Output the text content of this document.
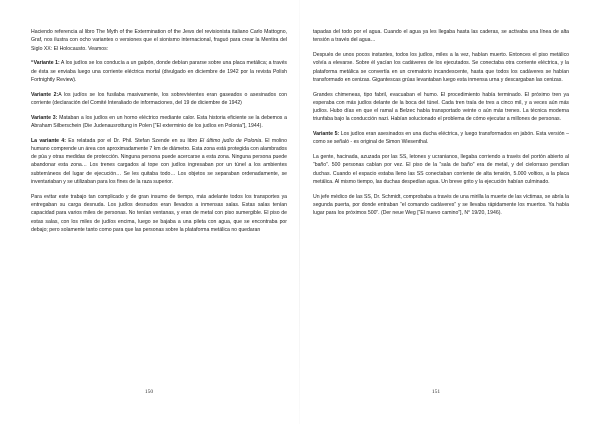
Haciendo referencia al libro The Myth of the Extermination of the Jews del revisionista italiano Carlo Mattogno, Graf, nos ilustra con ocho variantes o versiones que el sionismo internacional, fraguó para crear la Mentira del Siglo XX: El Holocausto. Veamos:

“Variante 1: A los judíos se los conducía a un galpón, donde debían pararse sobre una placa metálica; a través de ésta se enviaba luego una corriente eléctrica mortal (divulgado en diciembre de 1942 por la revista Polish Fortnightly Review).

Variante 2:A los judíos se los fusilaba masivamente, los sobrevivientes eran gaseados o asesinados con corriente (declaración del Comité Interaliado de informaciones, del 19 de diciembre de 1942)

Variante 3: Mataban a los judíos en un horno eléctrico mediante calor. Esta historia eficiente se la debemos a Abraham Silberschein (Die Judenausrottung in Polen [“El exterminio de los judíos en Polonia”], 1944).

La variante 4: Es relatada por el Dr. Phil. Stefan Szende en su libro El último judío de Polonia. El molino humano comprende un área con aproximadamente 7 km de diámetro. Esta zona está protegida con alambrados de púa y otras medidas de protección. Ninguna persona puede acercarse a esta zona. Ninguna persona puede abandonar esta zona… Los trenes cargados al tope con judíos ingresaban por un túnel a los ambientes subterráneos del lugar de ejecución… Se les quitaba todo… Los objetos se separaban ordenadamente, se inventariaban y se utilizaban para los fines de la raza superior.

Para evitar este trabajo tan complicado y de gran insumo de tiempo, más adelante todos los transportes ya entregaban su carga desnuda. Los judíos desnudos eran llevados a inmensas salas. Estas salas tenían capacidad para varios miles de personas. No tenían ventanas, y eran de metal con piso sumergible. El piso de estas salas, con los miles de judíos encima, luego se bajaba a una pileta con agua, que se encontraba por debajo; pero solamente tanto como para que las personas sobre la plataforma metálica no quedaran

tapadas del todo por el agua. Cuando el agua ya les llegaba hasta las caderas, se activaba una línea de alta tensión a través del agua…

Después de unos pocos instantes, todos los judíos, miles a la vez, habían muerto. Entonces el piso metálico volvía a elevarse. Sobre él yacían los cadáveres de los ejecutados. Se conectaba otra corriente eléctrica, y la plataforma metálica se convertía en un crematorio incandescente, hasta que todos los cadáveres se habían transformado en cenizas. Gigantescas grúas levantaban luego esta inmensa urna y descargaban las cenizas.

Grandes chimeneas, tipo fabril, evacuaban el humo. El procedimiento había terminado. El próximo tren ya esperaba con más judíos delante de la boca del túnel. Cada tren traía de tres a cinco mil, y a veces aún más judíos. Hubo días en que el ramal a Belzec había transportado veinte o aún más trenes. La técnica moderna triunfaba bajo la conducción nazi. Habían solucionado el problema de cómo ejecutar a millones de personas.

Variante 5: Los judíos eran asesinados en una ducha eléctrica, y luego transformados en jabón. Esta versión – como se señaló - es original de Simon Wiesenthal.

La gente, hacinada, azuzada por las SS, letones y ucranianos, llegaba corriendo a través del portón abierto al “baño”. 500 personas cabían por vez. El piso de la “sala de baño” era de metal, y del cielorraso pendían duchas. Cuando el espacio estaba lleno las SS conectaban corriente de alta tensión, 5.000 voltios, a la placa metálica. Al mismo tiempo, las duchas despedían agua. Un breve grito y la ejecución habían culminado.

Un jefe médico de las SS, Dr. Schmidt, comprobaba a través de una mirilla la muerte de las víctimas, se abría la segunda puerta, por donde entraban “el comando cadáveres” y se llevaba rápidamente los muertos. Ya había lugar para los próximos 500”. (Der neue Weg [“El nuevo camino”], N° 19/20, 1946).

150	151
